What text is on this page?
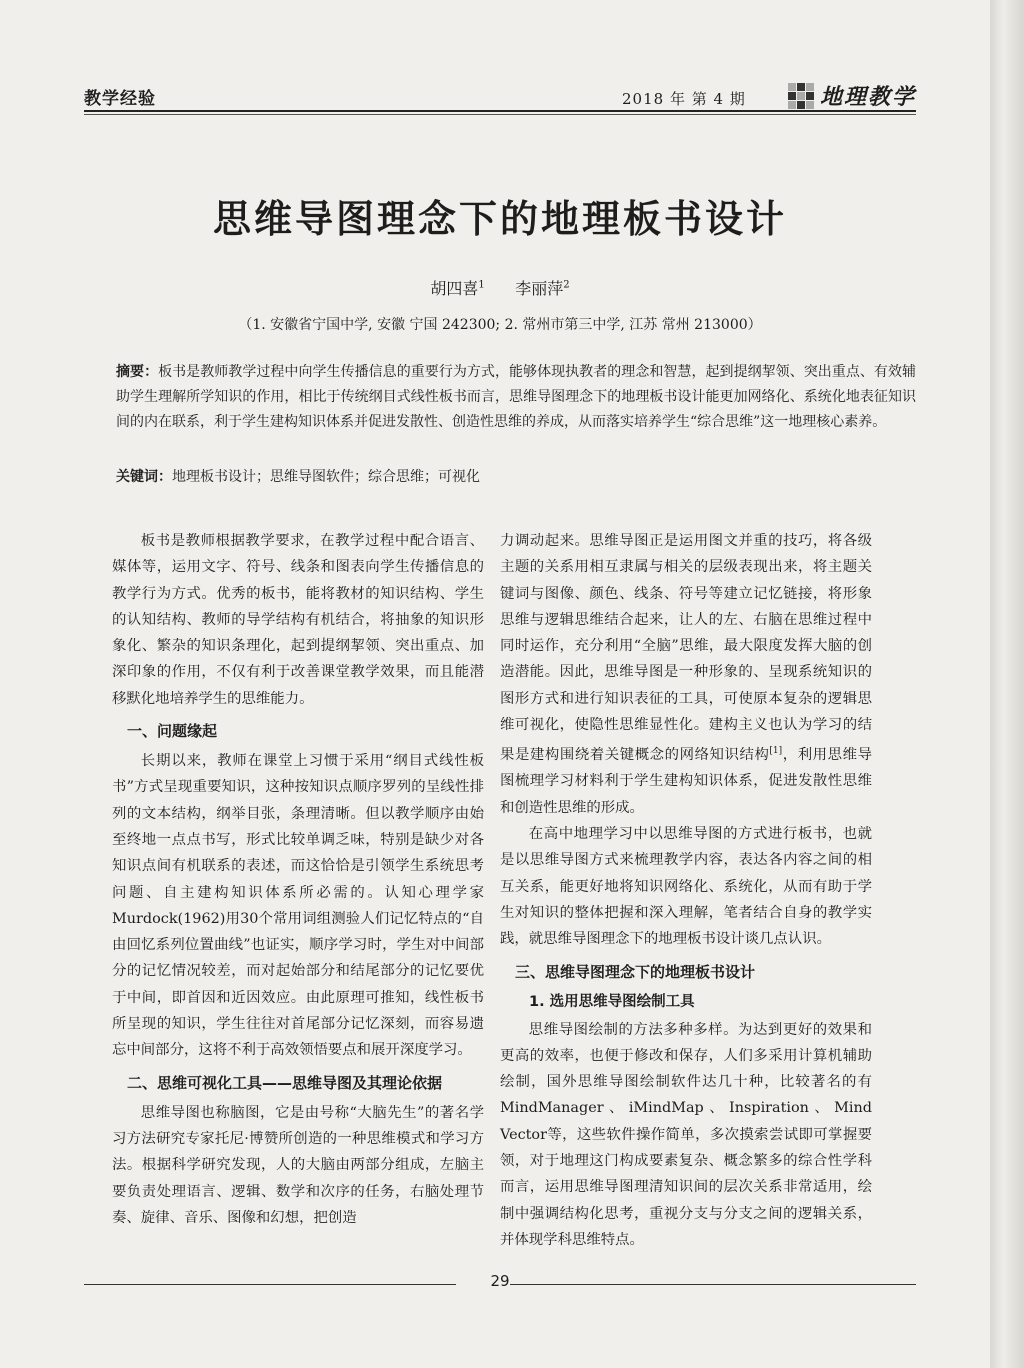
教学经验	2018 年 第 4 期	地理教学
思维导图理念下的地理板书设计
胡四喜$^1$ 李丽萍$^2$
（1. 安徽省宁国中学, 安徽 宁国 242300; 2. 常州市第三中学, 江苏 常州 213000）
摘要：板书是教师教学过程中向学生传播信息的重要行为方式，能够体现执教者的理念和智慧，起到提纲挈领、突出重点、有效辅助学生理解所学知识的作用，相比于传统纲目式线性板书而言，思维导图理念下的地理板书设计能更加网络化、系统化地表征知识间的内在联系，利于学生建构知识体系并促进发散性、创造性思维的养成，从而落实培养学生“综合思维”这一地理核心素养。
关键词：地理板书设计；思维导图软件；综合思维；可视化

板书是教师根据教学要求，在教学过程中配合语言、媒体等，运用文字、符号、线条和图表向学生传播信息的教学行为方式。优秀的板书，能将教材的知识结构、学生的认知结构、教师的导学结构有机结合，将抽象的知识形象化、繁杂的知识条理化，起到提纲挈领、突出重点、加深印象的作用，不仅有利于改善课堂教学效果，而且能潜移默化地培养学生的思维能力。

一、问题缘起

长期以来，教师在课堂上习惯于采用“纲目式线性板书”方式呈现重要知识，这种按知识点顺序罗列的呈线性排列的文本结构，纲举目张，条理清晰。但以教学顺序由始至终地一点点书写，形式比较单调乏味，特别是缺少对各知识点间有机联系的表述，而这恰恰是引领学生系统思考问题、自主建构知识体系所必需的。认知心理学家Murdock(1962)用30个常用词组测验人们记忆特点的“自由回忆系列位置曲线”也证实，顺序学习时，学生对中间部分的记忆情况较差，而对起始部分和结尾部分的记忆要优于中间，即首因和近因效应。由此原理可推知，线性板书所呈现的知识，学生往往对首尾部分记忆深刻，而容易遗忘中间部分，这将不利于高效领悟要点和展开深度学习。

二、思维可视化工具——思维导图及其理论依据

思维导图也称脑图，它是由号称“大脑先生”的著名学习方法研究专家托尼·博赞所创造的一种思维模式和学习方法。根据科学研究发现，人的大脑由两部分组成，左脑主要负责处理语言、逻辑、数学和次序的任务，右脑处理节奏、旋律、音乐、图像和幻想，把创造

力调动起来。思维导图正是运用图文并重的技巧，将各级主题的关系用相互隶属与相关的层级表现出来，将主题关键词与图像、颜色、线条、符号等建立记忆链接，将形象思维与逻辑思维结合起来，让人的左、右脑在思维过程中同时运作，充分利用“全脑”思维，最大限度发挥大脑的创造潜能。因此，思维导图是一种形象的、呈现系统知识的图形方式和进行知识表征的工具，可使原本复杂的逻辑思维可视化，使隐性思维显性化。建构主义也认为学习的结果是建构围绕着关键概念的网络知识结构[1]，利用思维导图梳理学习材料利于学生建构知识体系，促进发散性思维和创造性思维的形成。

在高中地理学习中以思维导图的方式进行板书，也就是以思维导图方式来梳理教学内容，表达各内容之间的相互关系，能更好地将知识网络化、系统化，从而有助于学生对知识的整体把握和深入理解，笔者结合自身的教学实践，就思维导图理念下的地理板书设计谈几点认识。

三、思维导图理念下的地理板书设计
1. 选用思维导图绘制工具

思维导图绘制的方法多种多样。为达到更好的效果和更高的效率，也便于修改和保存，人们多采用计算机辅助绘制，国外思维导图绘制软件达几十种，比较著名的有MindManager、iMindMap、Inspiration、Mind Vector等，这些软件操作简单，多次摸索尝试即可掌握要领，对于地理这门构成要素复杂、概念繁多的综合性学科而言，运用思维导图理清知识间的层次关系非常适用，绘制中强调结构化思考，重视分支与分支之间的逻辑关系，并体现学科思维特点。

29
